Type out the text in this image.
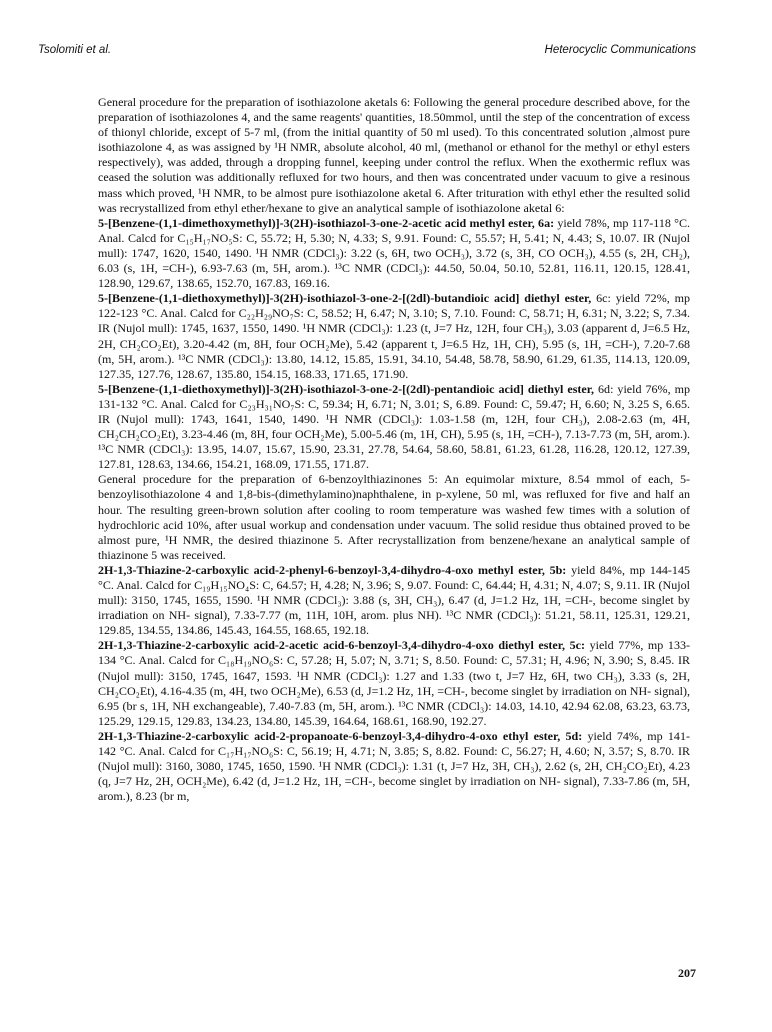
Tsolomiti et al.	Heterocyclic Communications

General procedure for the preparation of isothiazolone aketals 6: Following the general procedure described above, for the preparation of isothiazolones 4, and the same reagents' quantities, 18.50mmol, until the step of the concentration of excess of thionyl chloride, except of 5-7 ml, (from the initial quantity of 50 ml used). To this concentrated solution ,almost pure isothiazolone 4, as was assigned by ¹H NMR, absolute alcohol, 40 ml, (methanol or ethanol for the methyl or ethyl esters respectively), was added, through a dropping funnel, keeping under control the reflux. When the exothermic reflux was ceased the solution was additionally refluxed for two hours, and then was concentrated under vacuum to give a resinous mass which proved, ¹H NMR, to be almost pure isothiazolone aketal 6. After trituration with ethyl ether the resulted solid was recrystallized from ethyl ether/hexane to give an analytical sample of isothiazolone aketal 6:

5-[Benzene-(1,1-dimethoxymethyl)]-3(2H)-isothiazol-3-one-2-acetic acid methyl ester, 6a: yield 78%, mp 117-118 °C. Anal. Calcd for C₁₅H₁₇NO₅S: C, 55.72; H, 5.30; N, 4.33; S, 9.91. Found: C, 55.57; H, 5.41; N, 4.43; S, 10.07. IR (Nujol mull): 1747, 1620, 1540, 1490. ¹H NMR (CDCl₃): 3.22 (s, 6H, two OCH₃), 3.72 (s, 3H, CO OCH₃), 4.55 (s, 2H, CH₂), 6.03 (s, 1H, =CH-), 6.93-7.63 (m, 5H, arom.). ¹³C NMR (CDCl₃): 44.50, 50.04, 50.10, 52.81, 116.11, 120.15, 128.41, 128.90, 129.67, 138.65, 152.70, 167.83, 169.16.

5-[Benzene-(1,1-diethoxymethyl)]-3(2H)-isothiazol-3-one-2-[(2dl)-butandioic acid] diethyl ester, 6c: yield 72%, mp 122-123 °C. Anal. Calcd for C₂₂H₂₉NO₇S: C, 58.52; H, 6.47; N, 3.10; S, 7.10. Found: C, 58.71; H, 6.31; N, 3.22; S, 7.34. IR (Nujol mull): 1745, 1637, 1550, 1490. ¹H NMR (CDCl₃): 1.23 (t, J=7 Hz, 12H, four CH₃), 3.03 (apparent d, J=6.5 Hz, 2H, CH₂CO₂Et), 3.20-4.42 (m, 8H, four OCH₂Me), 5.42 (apparent t, J=6.5 Hz, 1H, CH), 5.95 (s, 1H, =CH-), 7.20-7.68 (m, 5H, arom.). ¹³C NMR (CDCl₃): 13.80, 14.12, 15.85, 15.91, 34.10, 54.48, 58.78, 58.90, 61.29, 61.35, 114.13, 120.09, 127.35, 127.76, 128.67, 135.80, 154.15, 168.33, 171.65, 171.90.

5-[Benzene-(1,1-diethoxymethyl)]-3(2H)-isothiazol-3-one-2-[(2dl)-pentandioic acid] diethyl ester, 6d: yield 76%, mp 131-132 °C. Anal. Calcd for C₂₃H₃₁NO₇S: C, 59.34; H, 6.71; N, 3.01; S, 6.89. Found: C, 59.47; H, 6.60; N, 3.25 S, 6.65. IR (Nujol mull): 1743, 1641, 1540, 1490. ¹H NMR (CDCl₃): 1.03-1.58 (m, 12H, four CH₃), 2.08-2.63 (m, 4H, CH₂CH₂CO₂Et), 3.23-4.46 (m, 8H, four OCH₂Me), 5.00-5.46 (m, 1H, CH), 5.95 (s, 1H, =CH-), 7.13-7.73 (m, 5H, arom.). ¹³C NMR (CDCl₃): 13.95, 14.07, 15.67, 15.90, 23.31, 27.78, 54.64, 58.60, 58.81, 61.23, 61.28, 116.28, 120.12, 127.39, 127.81, 128.63, 134.66, 154.21, 168.09, 171.55, 171.87.

General procedure for the preparation of 6-benzoylthiazinones 5: An equimolar mixture, 8.54 mmol of each, 5-benzoylisothiazolone 4 and 1,8-bis-(dimethylamino)naphthalene, in p-xylene, 50 ml, was refluxed for five and half an hour. The resulting green-brown solution after cooling to room temperature was washed few times with a solution of hydrochloric acid 10%, after usual workup and condensation under vacuum. The solid residue thus obtained proved to be almost pure, ¹H NMR, the desired thiazinone 5. After recrystallization from benzene/hexane an analytical sample of thiazinone 5 was received.

2H-1,3-Thiazine-2-carboxylic acid-2-phenyl-6-benzoyl-3,4-dihydro-4-oxo methyl ester, 5b: yield 84%, mp 144-145 °C. Anal. Calcd for C₁₉H₁₅NO₄S: C, 64.57; H, 4.28; N, 3.96; S, 9.07. Found: C, 64.44; H, 4.31; N, 4.07; S, 9.11. IR (Nujol mull): 3150, 1745, 1655, 1590. ¹H NMR (CDCl₃): 3.88 (s, 3H, CH₃), 6.47 (d, J=1.2 Hz, 1H, =CH-, become singlet by irradiation on NH- signal), 7.33-7.77 (m, 11H, 10H, arom. plus NH). ¹³C NMR (CDCl₃): 51.21, 58.11, 125.31, 129.21, 129.85, 134.55, 134.86, 145.43, 164.55, 168.65, 192.18.

2H-1,3-Thiazine-2-carboxylic acid-2-acetic acid-6-benzoyl-3,4-dihydro-4-oxo diethyl ester, 5c: yield 77%, mp 133-134 °C. Anal. Calcd for C₁₈H₁₉NO₆S: C, 57.28; H, 5.07; N, 3.71; S, 8.50. Found: C, 57.31; H, 4.96; N, 3.90; S, 8.45. IR (Nujol mull): 3150, 1745, 1647, 1593. ¹H NMR (CDCl₃): 1.27 and 1.33 (two t, J=7 Hz, 6H, two CH₃), 3.33 (s, 2H, CH₂CO₂Et), 4.16-4.35 (m, 4H, two OCH₂Me), 6.53 (d, J=1.2 Hz, 1H, =CH-, become singlet by irradiation on NH- signal), 6.95 (br s, 1H, NH exchangeable), 7.40-7.83 (m, 5H, arom.). ¹³C NMR (CDCl₃): 14.03, 14.10, 42.94 62.08, 63.23, 63.73, 125.29, 129.15, 129.83, 134.23, 134.80, 145.39, 164.64, 168.61, 168.90, 192.27.

2H-1,3-Thiazine-2-carboxylic acid-2-propanoate-6-benzoyl-3,4-dihydro-4-oxo ethyl ester, 5d: yield 74%, mp 141-142 °C. Anal. Calcd for C₁₇H₁₇NO₆S: C, 56.19; H, 4.71; N, 3.85; S, 8.82. Found: C, 56.27; H, 4.60; N, 3.57; S, 8.70. IR (Nujol mull): 3160, 3080, 1745, 1650, 1590. ¹H NMR (CDCl₃): 1.31 (t, J=7 Hz, 3H, CH₃), 2.62 (s, 2H, CH₂CO₂Et), 4.23 (q, J=7 Hz, 2H, OCH₂Me), 6.42 (d, J=1.2 Hz, 1H, =CH-, become singlet by irradiation on NH- signal), 7.33-7.86 (m, 5H, arom.), 8.23 (br m,

207
